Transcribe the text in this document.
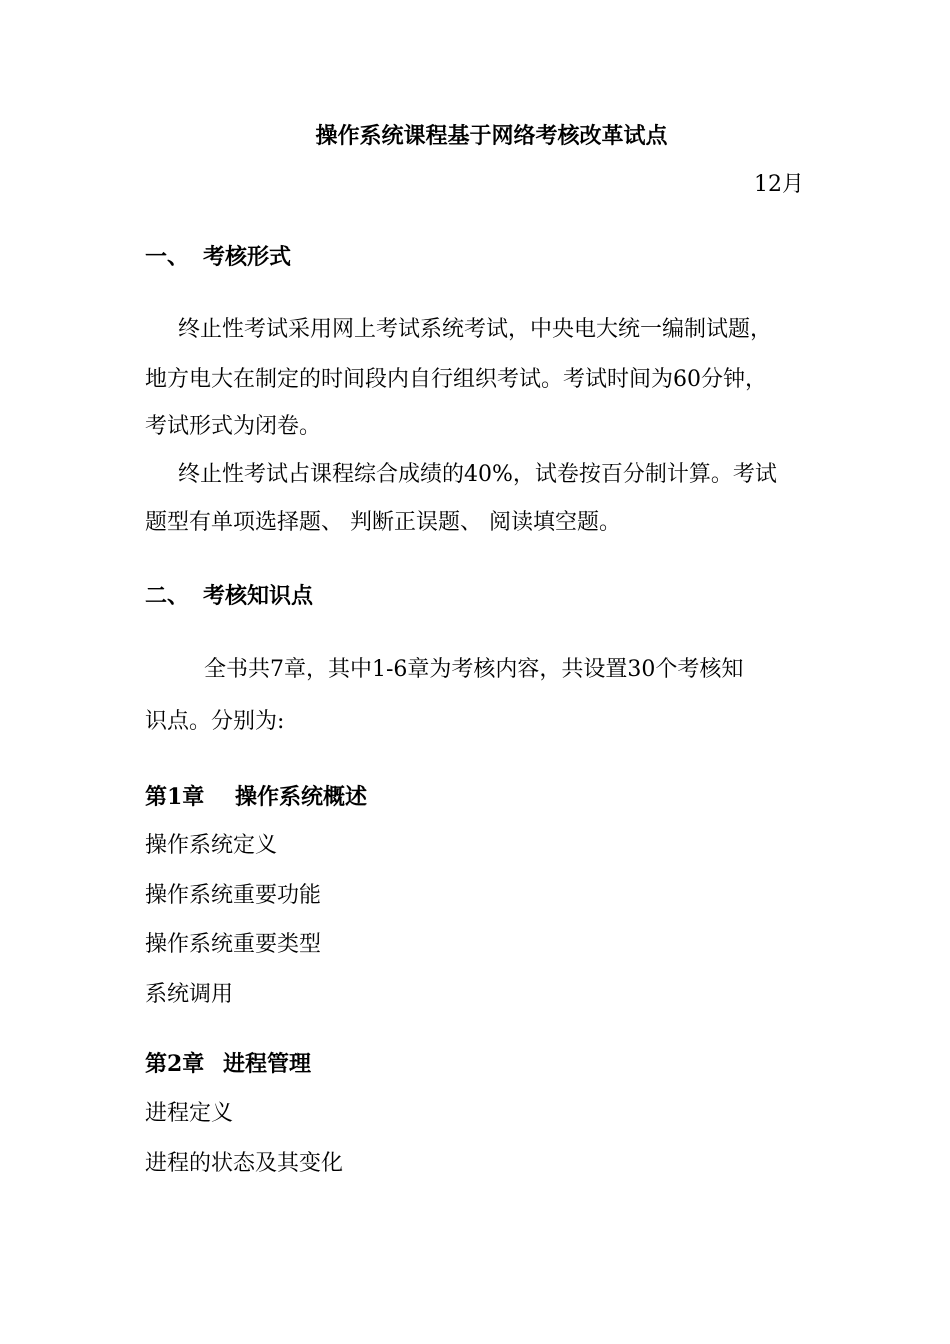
操作系统课程基于网络考核改革试点
12月
一、 考核形式
终止性考试采用网上考试系统考试，中央电大统一编制试题，
地方电大在制定的时间段内自行组织考试。考试时间为60分钟，
考试形式为闭卷。
终止性考试占课程综合成绩的40%，试卷按百分制计算。考试
题型有单项选择题、 判断正误题、 阅读填空题。
二、 考核知识点
全书共7章，其中1-6章为考核内容，共设置30个考核知
识点。分别为:
第1章 操作系统概述
操作系统定义
操作系统重要功能
操作系统重要类型
系统调用
第2章 进程管理
进程定义
进程的状态及其变化
